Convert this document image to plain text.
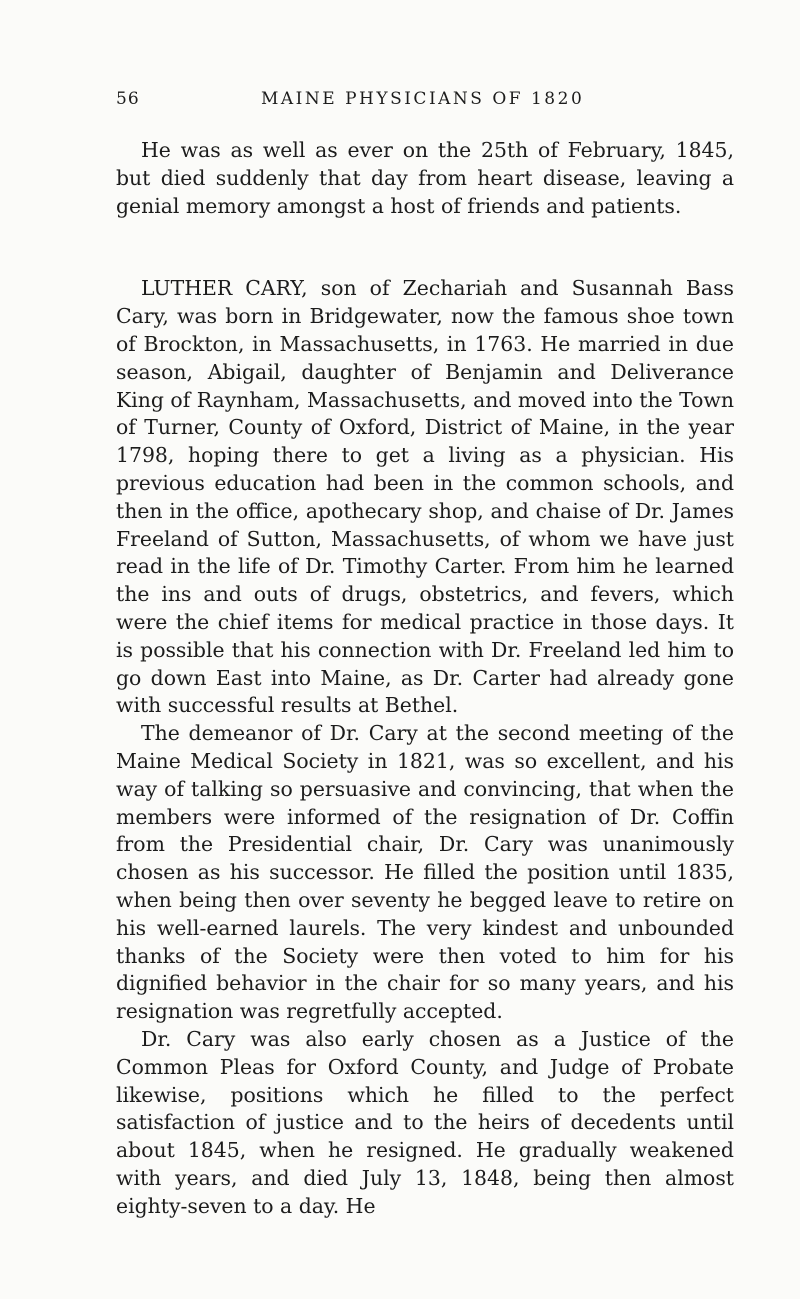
56	MAINE PHYSICIANS OF 1820

He was as well as ever on the 25th of February, 1845, but died suddenly that day from heart disease, leaving a genial memory amongst a host of friends and patients.

LUTHER CARY, son of Zechariah and Susannah Bass Cary, was born in Bridgewater, now the famous shoe town of Brockton, in Massachusetts, in 1763. He married in due season, Abigail, daughter of Benjamin and Deliverance King of Raynham, Massachusetts, and moved into the Town of Turner, County of Oxford, District of Maine, in the year 1798, hoping there to get a living as a physician. His previous education had been in the common schools, and then in the office, apothecary shop, and chaise of Dr. James Freeland of Sutton, Massachusetts, of whom we have just read in the life of Dr. Timothy Carter. From him he learned the ins and outs of drugs, obstetrics, and fevers, which were the chief items for medical practice in those days. It is possible that his connection with Dr. Freeland led him to go down East into Maine, as Dr. Carter had already gone with successful results at Bethel.

The demeanor of Dr. Cary at the second meeting of the Maine Medical Society in 1821, was so excellent, and his way of talking so persuasive and convincing, that when the members were informed of the resignation of Dr. Coffin from the Presidential chair, Dr. Cary was unanimously chosen as his successor. He filled the position until 1835, when being then over seventy he begged leave to retire on his well-earned laurels. The very kindest and unbounded thanks of the Society were then voted to him for his dignified behavior in the chair for so many years, and his resignation was regretfully accepted.

Dr. Cary was also early chosen as a Justice of the Common Pleas for Oxford County, and Judge of Probate likewise, positions which he filled to the perfect satisfaction of justice and to the heirs of decedents until about 1845, when he resigned. He gradually weakened with years, and died July 13, 1848, being then almost eighty-seven to a day. He
